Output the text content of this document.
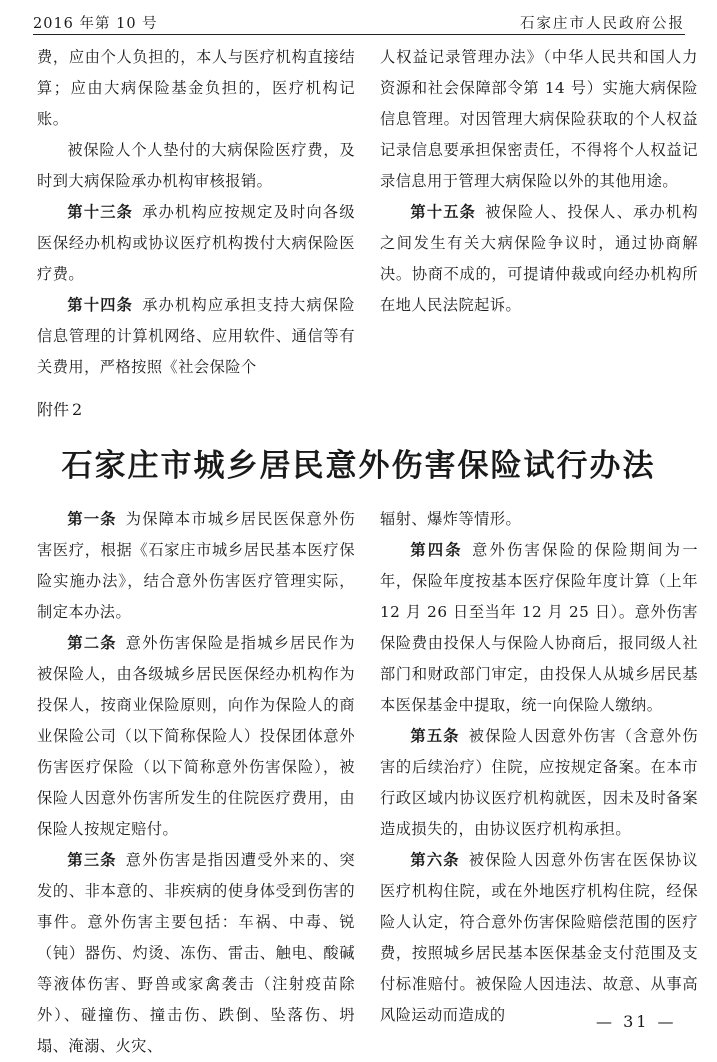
2016 年第 10 号	石家庄市人民政府公报

费，应由个人负担的，本人与医疗机构直接结算；应由大病保险基金负担的，医疗机构记账。

被保险人个人垫付的大病保险医疗费，及时到大病保险承办机构审核报销。

第十三条 承办机构应按规定及时向各级医保经办机构或协议医疗机构拨付大病保险医疗费。

第十四条 承办机构应承担支持大病保险信息管理的计算机网络、应用软件、通信等有关费用，严格按照《社会保险个

人权益记录管理办法》（中华人民共和国人力资源和社会保障部令第 14 号）实施大病保险信息管理。对因管理大病保险获取的个人权益记录信息要承担保密责任，不得将个人权益记录信息用于管理大病保险以外的其他用途。

第十五条 被保险人、投保人、承办机构之间发生有关大病保险争议时，通过协商解决。协商不成的，可提请仲裁或向经办机构所在地人民法院起诉。

附件 2
石家庄市城乡居民意外伤害保险试行办法

第一条 为保障本市城乡居民医保意外伤害医疗，根据《石家庄市城乡居民基本医疗保险实施办法》，结合意外伤害医疗管理实际，制定本办法。

第二条 意外伤害保险是指城乡居民作为被保险人，由各级城乡居民医保经办机构作为投保人，按商业保险原则，向作为保险人的商业保险公司（以下简称保险人）投保团体意外伤害医疗保险（以下简称意外伤害保险），被保险人因意外伤害所发生的住院医疗费用，由保险人按规定赔付。

第三条 意外伤害是指因遭受外来的、突发的、非本意的、非疾病的使身体受到伤害的事件。意外伤害主要包括：车祸、中毒、锐（钝）器伤、灼烫、冻伤、雷击、触电、酸碱等液体伤害、野兽或家禽袭击（注射疫苗除外）、碰撞伤、撞击伤、跌倒、坠落伤、坍塌、淹溺、火灾、

辐射、爆炸等情形。

第四条 意外伤害保险的保险期间为一年，保险年度按基本医疗保险年度计算（上年 12 月 26 日至当年 12 月 25 日）。意外伤害保险费由投保人与保险人协商后，报同级人社部门和财政部门审定，由投保人从城乡居民基本医保基金中提取，统一向保险人缴纳。

第五条 被保险人因意外伤害（含意外伤害的后续治疗）住院，应按规定备案。在本市行政区域内协议医疗机构就医，因未及时备案造成损失的，由协议医疗机构承担。

第六条 被保险人因意外伤害在医保协议医疗机构住院，或在外地医疗机构住院，经保险人认定，符合意外伤害保险赔偿范围的医疗费，按照城乡居民基本医保基金支付范围及支付标准赔付。被保险人因违法、故意、从事高风险运动而造成的	— 31 —
